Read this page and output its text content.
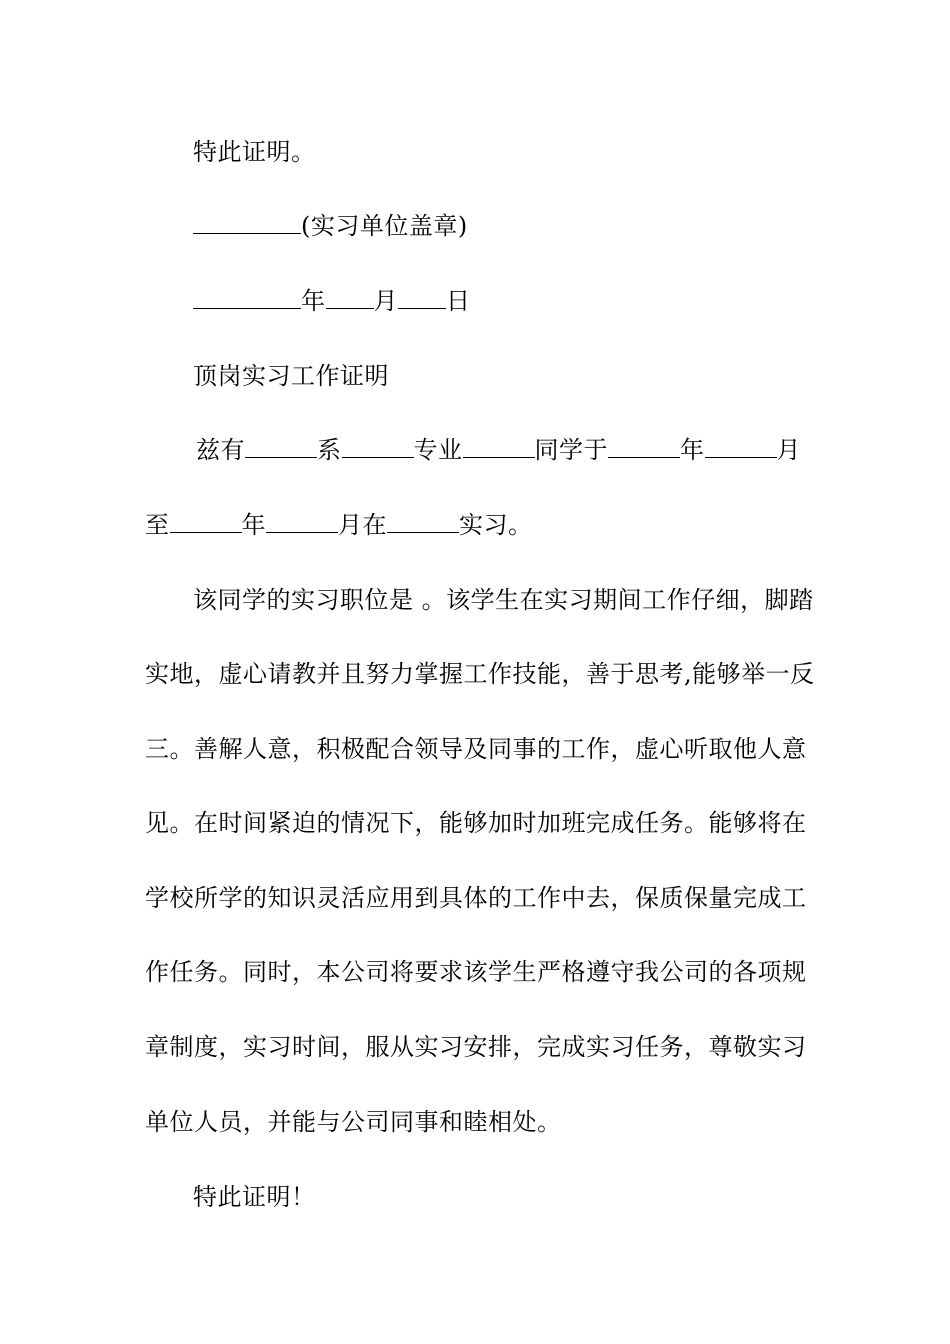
特此证明。
(实习单位盖章)
年 月 日
顶岗实习工作证明
兹有	系	专业	同学于	年	月
至	年	月在	实习。
该同学的实习职位是 。该学生在实习期间工作仔细，脚踏
实地，虚心请教并且努力掌握工作技能，善于思考,能够举一反
三。善解人意，积极配合领导及同事的工作，虚心听取他人意
见。在时间紧迫的情况下，能够加时加班完成任务。能够将在
学校所学的知识灵活应用到具体的工作中去，保质保量完成工
作任务。同时，本公司将要求该学生严格遵守我公司的各项规
章制度，实习时间，服从实习安排，完成实习任务，尊敬实习
单位人员，并能与公司同事和睦相处。
特此证明！
